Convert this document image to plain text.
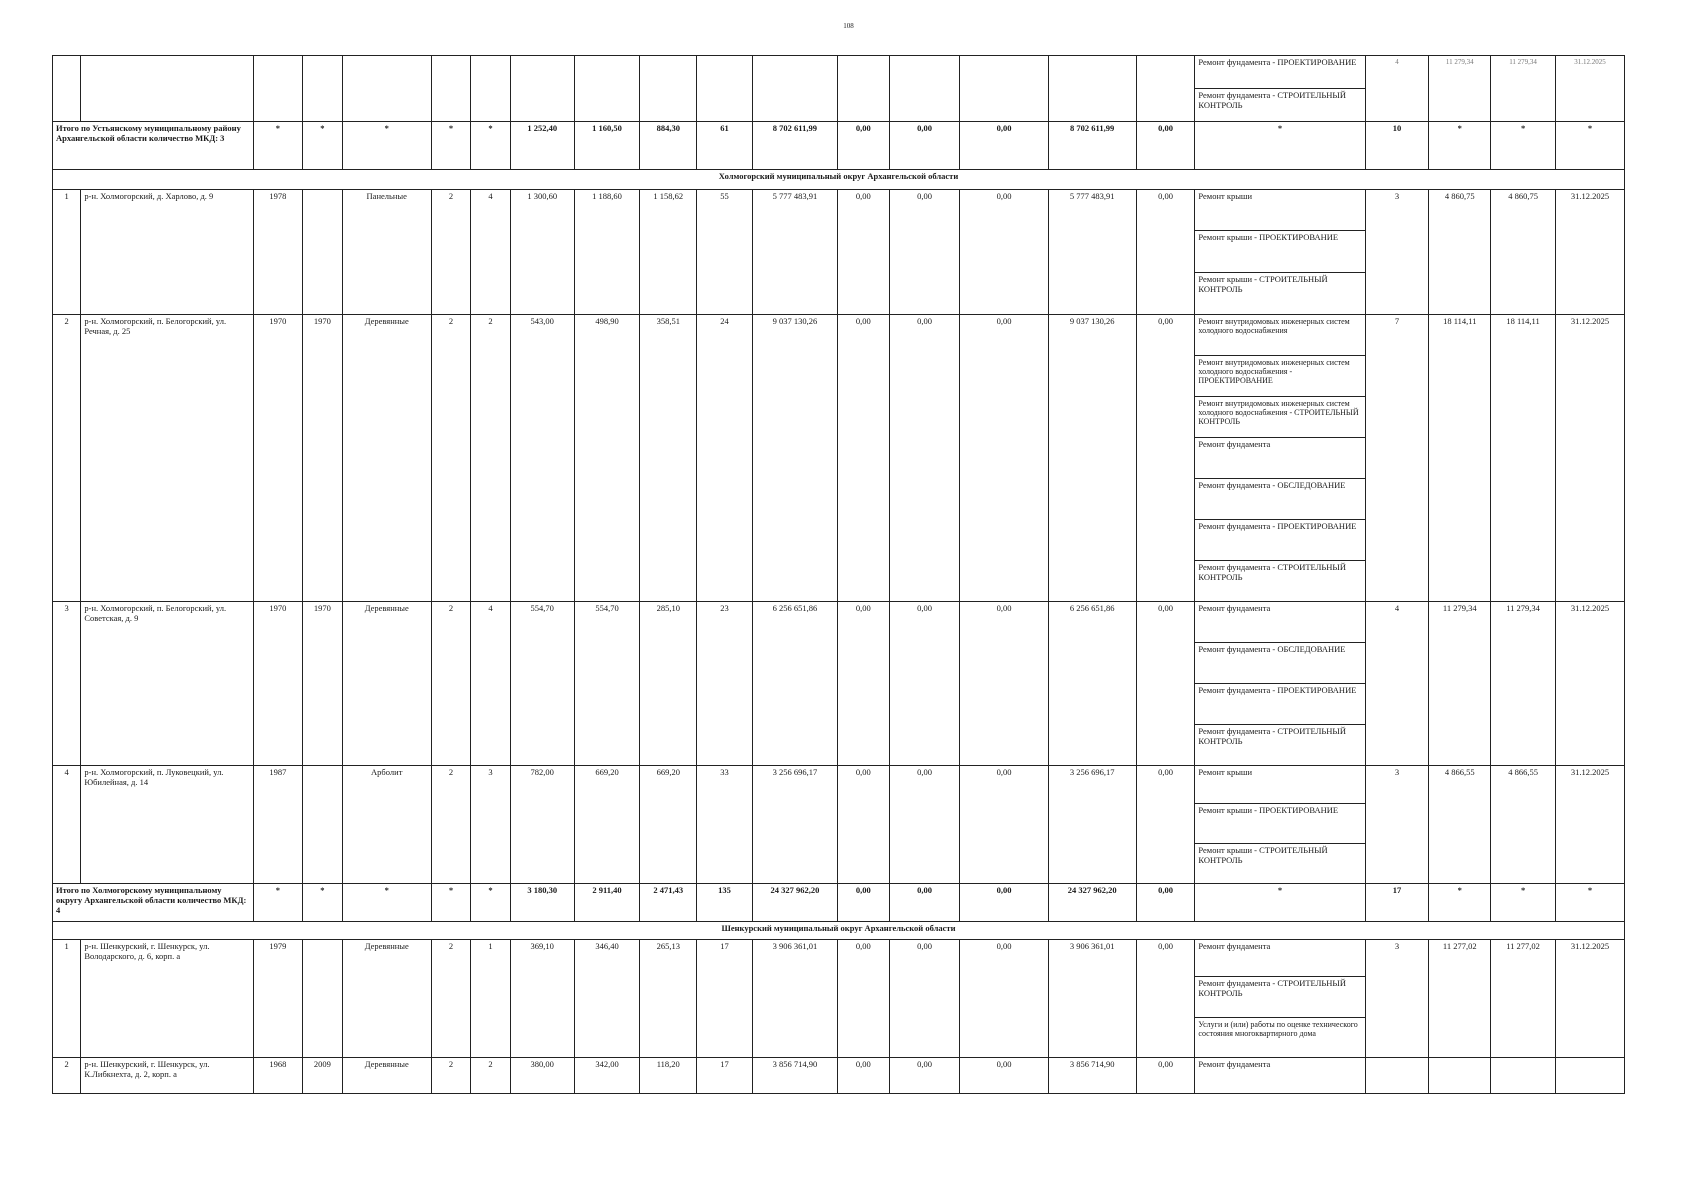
108
																	Ремонт фундамента - ПРОЕКТИРОВАНИЕ	4	11 279,34	11 279,34	31.12.2025
																	Ремонт фундамента - СТРОИТЕЛЬНЫЙ КОНТРОЛЬ				
Итого по Устьянскому муниципальному району Архангельской области количество МКД: 3		*	*	*	*	*	1 252,40	1 160,50	884,30	61	8 702 611,99	0,00	0,00	0,00	8 702 611,99	0,00	*	10	*	*	*
Холмогорский муниципальный округ Архангельской области																					
1	р-н. Холмогорский, д. Харлово, д. 9	1978		Панельные	2	4	1 300,60	1 188,60	1 158,62	55	5 777 483,91	0,00	0,00	0,00	5 777 483,91	0,00	Ремонт крыши	3	4 860,75	4 860,75	31.12.2025
																	Ремонт крыши - ПРОЕКТИРОВАНИЕ				
																	Ремонт крыши - СТРОИТЕЛЬНЫЙ КОНТРОЛЬ				
2	р-н. Холмогорский, п. Белогорский, ул. Речная, д. 25	1970	1970	Деревянные	2	2	543,00	498,90	358,51	24	9 037 130,26	0,00	0,00	0,00	9 037 130,26	0,00	Ремонт внутридомовых инженерных систем холодного водоснабжения	7	18 114,11	18 114,11	31.12.2025
																	Ремонт внутридомовых инженерных систем холодного водоснабжения - ПРОЕКТИРОВАНИЕ				
																	Ремонт внутридомовых инженерных систем холодного водоснабжения - СТРОИТЕЛЬНЫЙ КОНТРОЛЬ				
																	Ремонт фундамента				
																	Ремонт фундамента - ОБСЛЕДОВАНИЕ				
																	Ремонт фундамента - ПРОЕКТИРОВАНИЕ				
																	Ремонт фундамента - СТРОИТЕЛЬНЫЙ КОНТРОЛЬ				
3	р-н. Холмогорский, п. Белогорский, ул. Советская, д. 9	1970	1970	Деревянные	2	4	554,70	554,70	285,10	23	6 256 651,86	0,00	0,00	0,00	6 256 651,86	0,00	Ремонт фундамента	4	11 279,34	11 279,34	31.12.2025
																	Ремонт фундамента - ОБСЛЕДОВАНИЕ				
																	Ремонт фундамента - ПРОЕКТИРОВАНИЕ				
																	Ремонт фундамента - СТРОИТЕЛЬНЫЙ КОНТРОЛЬ				
4	р-н. Холмогорский, п. Луковецкий, ул. Юбилейная, д. 14	1987		Арболит	2	3	782,00	669,20	669,20	33	3 256 696,17	0,00	0,00	0,00	3 256 696,17	0,00	Ремонт крыши	3	4 866,55	4 866,55	31.12.2025
																	Ремонт крыши - ПРОЕКТИРОВАНИЕ				
																	Ремонт крыши - СТРОИТЕЛЬНЫЙ КОНТРОЛЬ				
Итого по Холмогорскому муниципальному округу Архангельской области количество МКД: 4		*	*	*	*	*	3 180,30	2 911,40	2 471,43	135	24 327 962,20	0,00	0,00	0,00	24 327 962,20	0,00	*	17	*	*	*
Шенкурский муниципальный округ Архангельской области																					
1	р-н. Шенкурский, г. Шенкурск, ул. Володарского, д. 6, корп. а	1979		Деревянные	2	1	369,10	346,40	265,13	17	3 906 361,01	0,00	0,00	0,00	3 906 361,01	0,00	Ремонт фундамента	3	11 277,02	11 277,02	31.12.2025
																	Ремонт фундамента - СТРОИТЕЛЬНЫЙ КОНТРОЛЬ				
																	Услуги и (или) работы по оценке технического состояния многоквартирного дома				
2	р-н. Шенкурский, г. Шенкурск, ул. К.Либкнехта, д. 2, корп. а	1968	2009	Деревянные	2	2	380,00	342,00	118,20	17	3 856 714,90	0,00	0,00	0,00	3 856 714,90	0,00	Ремонт фундамента				
